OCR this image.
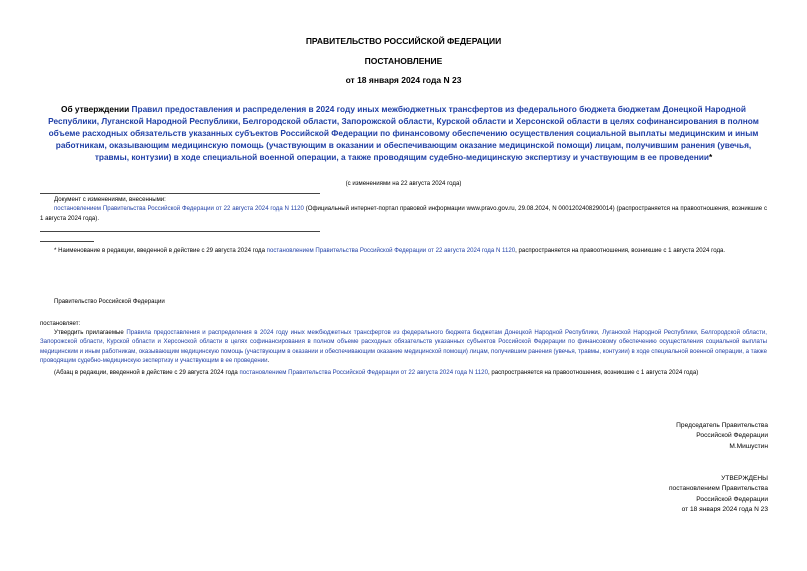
ПРАВИТЕЛЬСТВО РОССИЙСКОЙ ФЕДЕРАЦИИ
ПОСТАНОВЛЕНИЕ
от 18 января 2024 года N 23
Об утверждении Правил предоставления и распределения в 2024 году иных межбюджетных трансфертов из федерального бюджета бюджетам Донецкой Народной Республики, Луганской Народной Республики, Белгородской области, Запорожской области, Курской области и Херсонской области в целях софинансирования в полном объеме расходных обязательств указанных субъектов Российской Федерации по финансовому обеспечению осуществления социальной выплаты медицинским и иным работникам, оказывающим медицинскую помощь (участвующим в оказании и обеспечивающим оказание медицинской помощи) лицам, получившим ранения (увечья, травмы, контузии) в ходе специальной военной операции, а также проводящим судебно-медицинскую экспертизу и участвующим в ее проведении*
(с изменениями на 22 августа 2024 года)
Документ с изменениями, внесенными:
постановлением Правительства Российской Федерации от 22 августа 2024 года N 1120 (Официальный интернет-портал правовой информации www.pravo.gov.ru, 29.08.2024, N 0001202408290014) (распространяется на правоотношения, возникшие с 1 августа 2024 года).
* Наименование в редакции, введенной в действие с 29 августа 2024 года постановлением Правительства Российской Федерации от 22 августа 2024 года N 1120, распространяется на правоотношения, возникшие с 1 августа 2024 года.
Правительство Российской Федерации
постановляет:
Утвердить прилагаемые Правила предоставления и распределения в 2024 году иных межбюджетных трансфертов из федерального бюджета бюджетам Донецкой Народной Республики, Луганской Народной Республики, Белгородской области, Запорожской области, Курской области и Херсонской области в целях софинансирования в полном объеме расходных обязательств указанных субъектов Российской Федерации по финансовому обеспечению осуществления социальной выплаты медицинским и иным работникам, оказывающим медицинскую помощь (участвующим в оказании и обеспечивающим оказание медицинской помощи) лицам, получившим ранения (увечья, травмы, контузии) в ходе специальной военной операции, а также проводящим судебно-медицинскую экспертизу и участвующим в ее проведении.
(Абзац в редакции, введенной в действие с 29 августа 2024 года постановлением Правительства Российской Федерации от 22 августа 2024 года N 1120, распространяется на правоотношения, возникшие с 1 августа 2024 года)
Председатель Правительства
Российской Федерации
М.Мишустин
УТВЕРЖДЕНЫ
постановлением Правительства
Российской Федерации
от 18 января 2024 года N 23
